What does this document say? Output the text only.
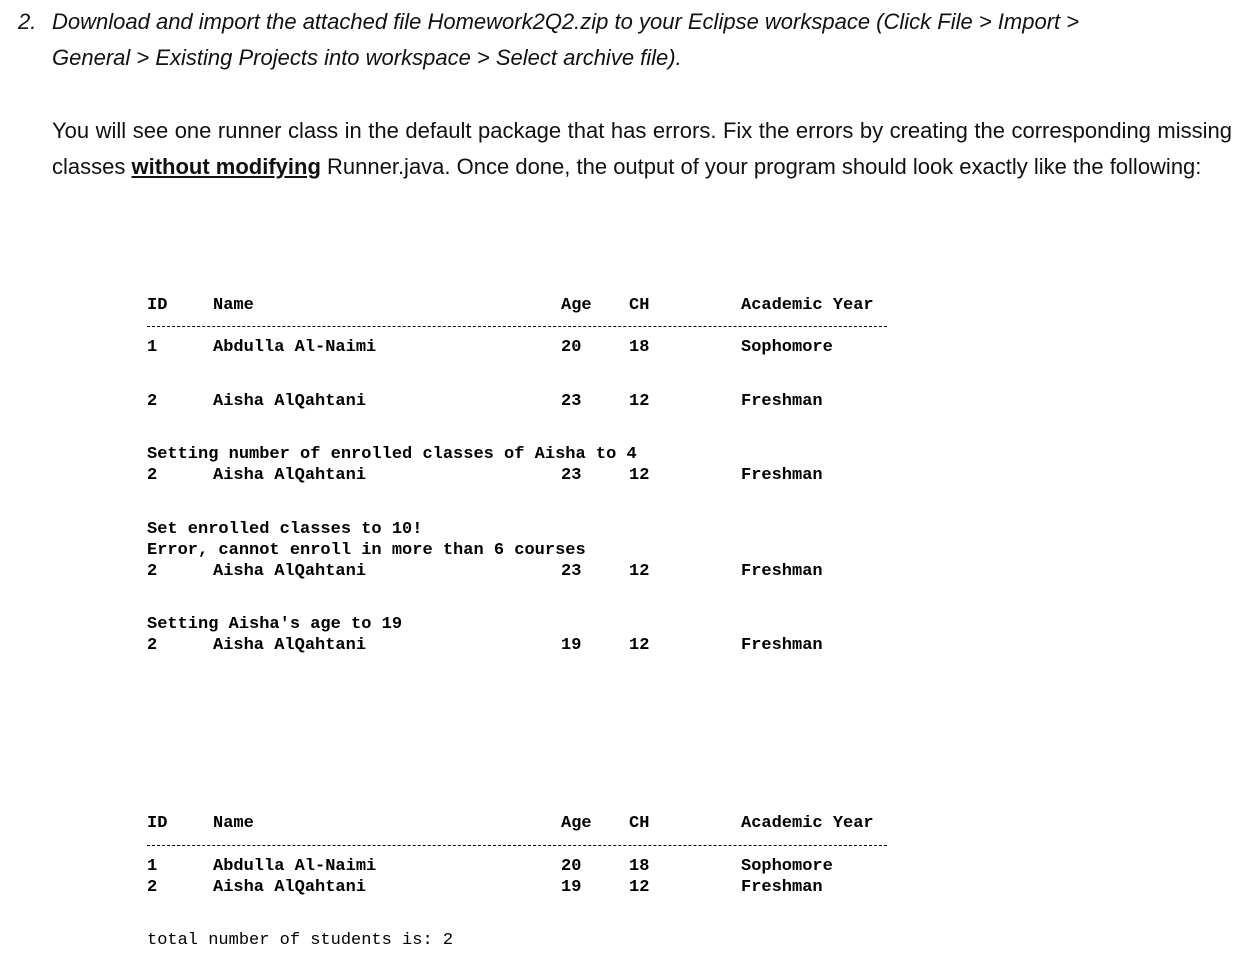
2. Download and import the attached file Homework2Q2.zip to your Eclipse workspace (Click File > Import >
General > Existing Projects into workspace > Select archive file).
You will see one runner class in the default package that has errors. Fix the errors by creating the corresponding missing classes without modifying Runner.java. Once done, the output of your program should look exactly like the following:
ID	Name	Age CH	Academic Year
1	Abdulla Al-Naimi	20	18	Sophomore
2	Aisha AlQahtani	23	12	Freshman
Setting number of enrolled classes of Aisha to 4
2	Aisha AlQahtani	23	12	Freshman
Set enrolled classes to 10!
Error, cannot enroll in more than 6 courses
2	Aisha AlQahtani	23	12	Freshman
Setting Aisha's age to 19
2	Aisha AlQahtani	19	12	Freshman
ID	Name	Age CH	Academic Year
1	Abdulla Al-Naimi	20	18	Sophomore
2	Aisha AlQahtani	19	12	Freshman
total number of students is: 2
